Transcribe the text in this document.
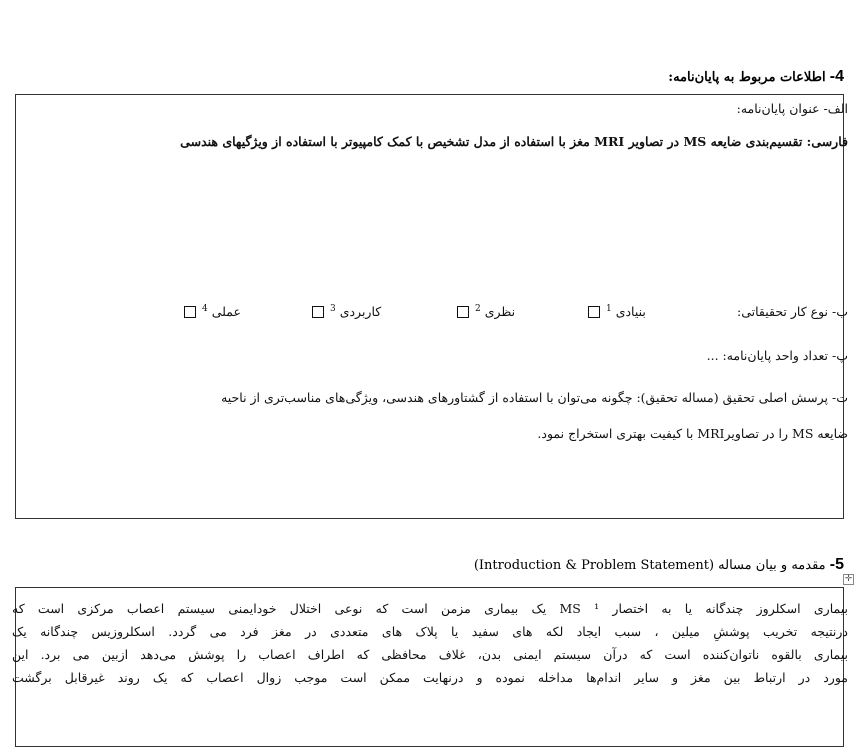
4- اطلاعات مربوط به پایان‌نامه:
الف- عنوان پایان‌نامه:
فارسی: تقسیم‌بندی ضایعه MS در تصاویر MRI مغز با استفاده از مدل تشخیص با کمک کامپیوتر با استفاده از ویژگیهای هندسی
ب- نوع کار تحقیقاتی:
بنیادی $^1$
نظری $^2$
کاربردی $^3$
عملی $^4$
پ- تعداد واحد پایان‌نامه: ...
ت- پرسش اصلی تحقیق (مساله تحقیق): چگونه می‌توان با استفاده از گشتاورهای هندسی، ویژگی‌های مناسب‌تری از ناحیه
ضایعه MS را در تصاویرMRI با کیفیت بهتری استخراج نمود.
5- مقدمه و بیان مساله (Introduction & Problem Statement)
✛
بیماری اسکلروز چندگانه یا به اختصار MS ¹ یک بیماری مزمن است که نوعی اختلال خودایمنی سیستم اعصاب مرکزی است که
درنتیجه تخریب پوششِ میلین ، سبب ایجاد لکه های سفید یا پلاک های متعددی در مغز فرد می گردد. اسکلروزیس چندگانه یک
بیماری بالقوه ناتوان‌کننده است که درآن سیستم ایمنی بدن، غلاف محافظی که اطراف اعصاب را پوشش می‌دهد ازبین می برد. این
مورد در ارتباط بین مغز و سایر اندام‌ها مداخله نموده و درنهایت ممکن است موجب زوال اعصاب که یک روند غیرقابل برگشت
